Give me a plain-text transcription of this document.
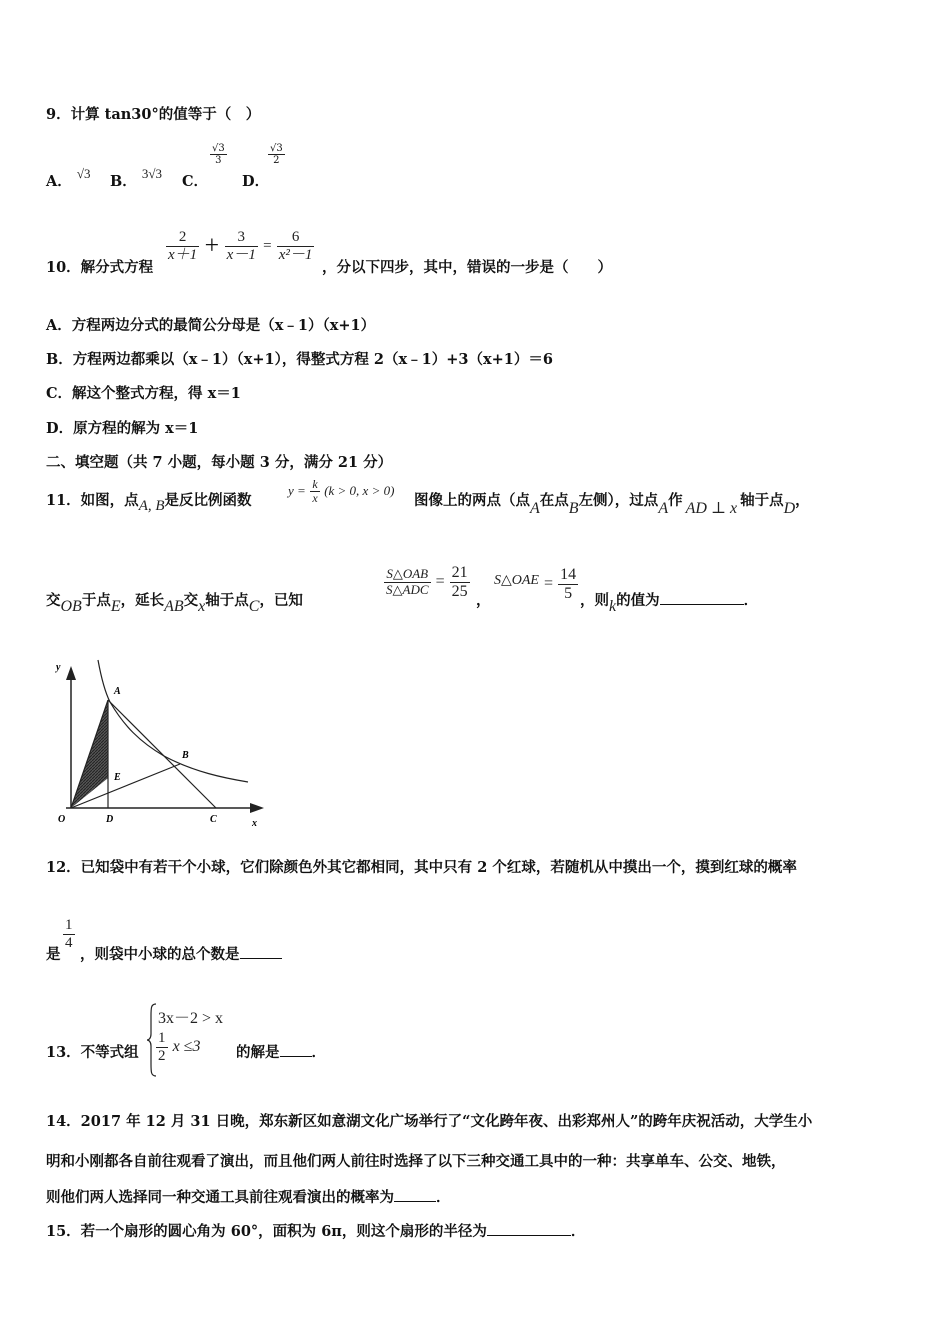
9．计算 tan30°的值等于（　）
A． √3 B． 3√3 C．
$\frac{√3}{3}$
D．
$\frac{√3}{2}$
10．解分式方程
$\frac{2}{x+1} + \frac{3}{x-1} = \frac{6}{\text{x²－1}}$
，分以下四步，其中，错误的一步是（　　）
A．方程两边分式的最简公分母是（x﹣1）（x+1）
B．方程两边都乘以（x﹣1）（x+1），得整式方程 2（x﹣1）+3（x+1）＝6
C．解这个整式方程，得 x＝1
D．原方程的解为 x＝1
二、填空题（共 7 小题，每小题 3 分，满分 21 分）
11．如图，点A, B是反比例函数
$y = \frac{k}{x} (k > 0$, x > 0)
图像上的两点（点A在点B左侧），过点A作 AD ⊥ x 轴于点D，
交OB于点E，延长AB交x轴于点C，已知
$\frac{\text{S△OAB}}{\text{S△ADC}} = \frac{21}{25}$
，
S△OAE = $\frac{14}{5}$ ，则k的值为	．
y
x
O
A
B
C
D
E
12．已知袋中有若干个小球，它们除颜色外其它都相同，其中只有 2 个红球，若随机从中摸出一个，摸到红球的概率
是
$\frac{1}{4}$
，则袋中小球的总个数是
13．不等式组
3x－2 > x
$\frac{1}{2}$ x ≤3 的解是 ．
14．2017 年 12 月 31 日晚，郑东新区如意湖文化广场举行了“文化跨年夜、出彩郑州人”的跨年庆祝活动，大学生小
明和小刚都各自前往观看了演出，而且他们两人前往时选择了以下三种交通工具中的一种：共享单车、公交、地铁，
则他们两人选择同一种交通工具前往观看演出的概率为	．
15．若一个扇形的圆心角为 60°，面积为 6π，则这个扇形的半径为	．
